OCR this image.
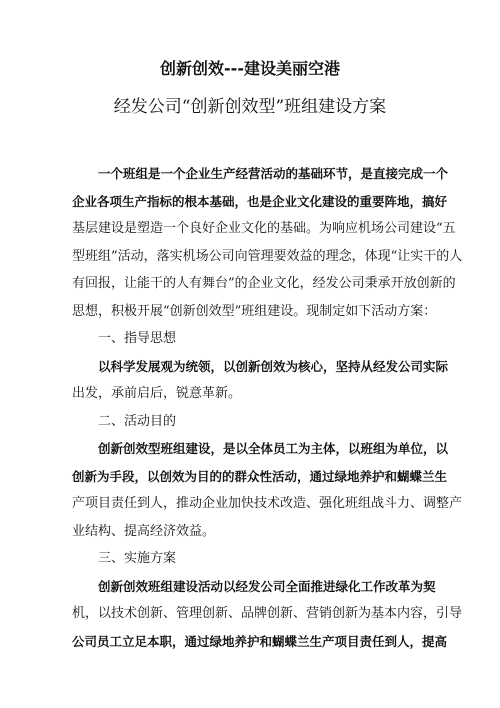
创新创效---建设美丽空港
经发公司“创新创效型”班组建设方案

一个班组是一个企业生产经营活动的基础环节，是直接完成一个
企业各项生产指标的根本基础，也是企业文化建设的重要阵地，搞好
基层建设是塑造一个良好企业文化的基础。为响应机场公司建设“五
型班组”活动，落实机场公司向管理要效益的理念，体现“让实干的人
有回报，让能干的人有舞台”的企业文化，经发公司秉承开放创新的
思想，积极开展“创新创效型”班组建设。现制定如下活动方案：

一、指导思想

以科学发展观为统领，以创新创效为核心，坚持从经发公司实际
出发，承前启后，锐意革新。

二、活动目的

创新创效型班组建设，是以全体员工为主体，以班组为单位，以
创新为手段，以创效为目的的群众性活动，通过绿地养护和蝴蝶兰生
产项目责任到人，推动企业加快技术改造、强化班组战斗力、调整产
业结构、提高经济效益。

三、实施方案

创新创效班组建设活动以经发公司全面推进绿化工作改革为契
机，以技术创新、管理创新、品牌创新、营销创新为基本内容，引导
公司员工立足本职，通过绿地养护和蝴蝶兰生产项目责任到人，提高
